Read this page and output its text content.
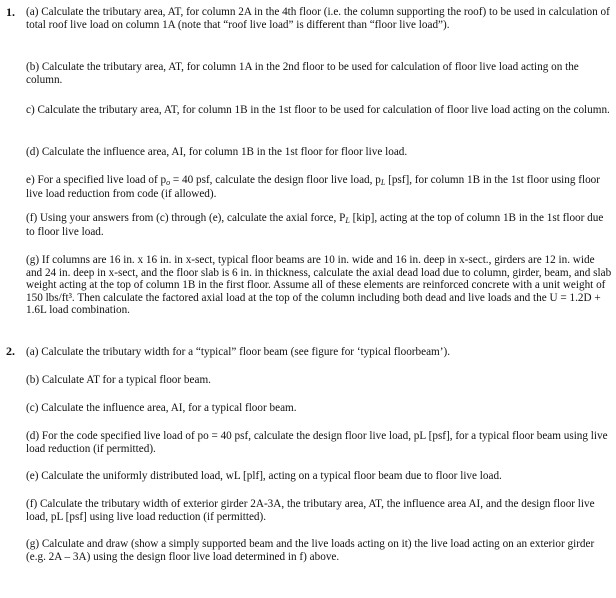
1. (a) Calculate the tributary area, AT, for column 2A in the 4th floor (i.e. the column supporting the roof) to be used in calculation of total roof live load on column 1A (note that “roof live load” is different than “floor live load”).

(b) Calculate the tributary area, AT, for column 1A in the 2nd floor to be used for calculation of floor live load acting on the column.

c) Calculate the tributary area, AT, for column 1B in the 1st floor to be used for calculation of floor live load acting on the column.

(d) Calculate the influence area, AI, for column 1B in the 1st floor for floor live load.

e) For a specified live load of po = 40 psf, calculate the design floor live load, pL [psf], for column 1B in the 1st floor using floor live load reduction from code (if allowed).

(f) Using your answers from (c) through (e), calculate the axial force, PL [kip], acting at the top of column 1B in the 1st floor due to floor live load.

(g) If columns are 16 in. x 16 in. in x-sect, typical floor beams are 10 in. wide and 16 in. deep in x-sect., girders are 12 in. wide and 24 in. deep in x-sect, and the floor slab is 6 in. in thickness, calculate the axial dead load due to column, girder, beam, and slab weight acting at the top of column 1B in the first floor. Assume all of these elements are reinforced concrete with a unit weight of 150 lbs/ft³. Then calculate the factored axial load at the top of the column including both dead and live loads and the U = 1.2D + 1.6L load combination.

2. (a) Calculate the tributary width for a “typical” floor beam (see figure for ‘typical floorbeam’).

(b) Calculate AT for a typical floor beam.

(c) Calculate the influence area, AI, for a typical floor beam.

(d) For the code specified live load of po = 40 psf, calculate the design floor live load, pL [psf], for a typical floor beam using live load reduction (if permitted).

(e) Calculate the uniformly distributed load, wL [plf], acting on a typical floor beam due to floor live load.

(f) Calculate the tributary width of exterior girder 2A-3A, the tributary area, AT, the influence area AI, and the design floor live load, pL [psf] using live load reduction (if permitted).

(g) Calculate and draw (show a simply supported beam and the live loads acting on it) the live load acting on an exterior girder (e.g. 2A – 3A) using the design floor live load determined in f) above.
